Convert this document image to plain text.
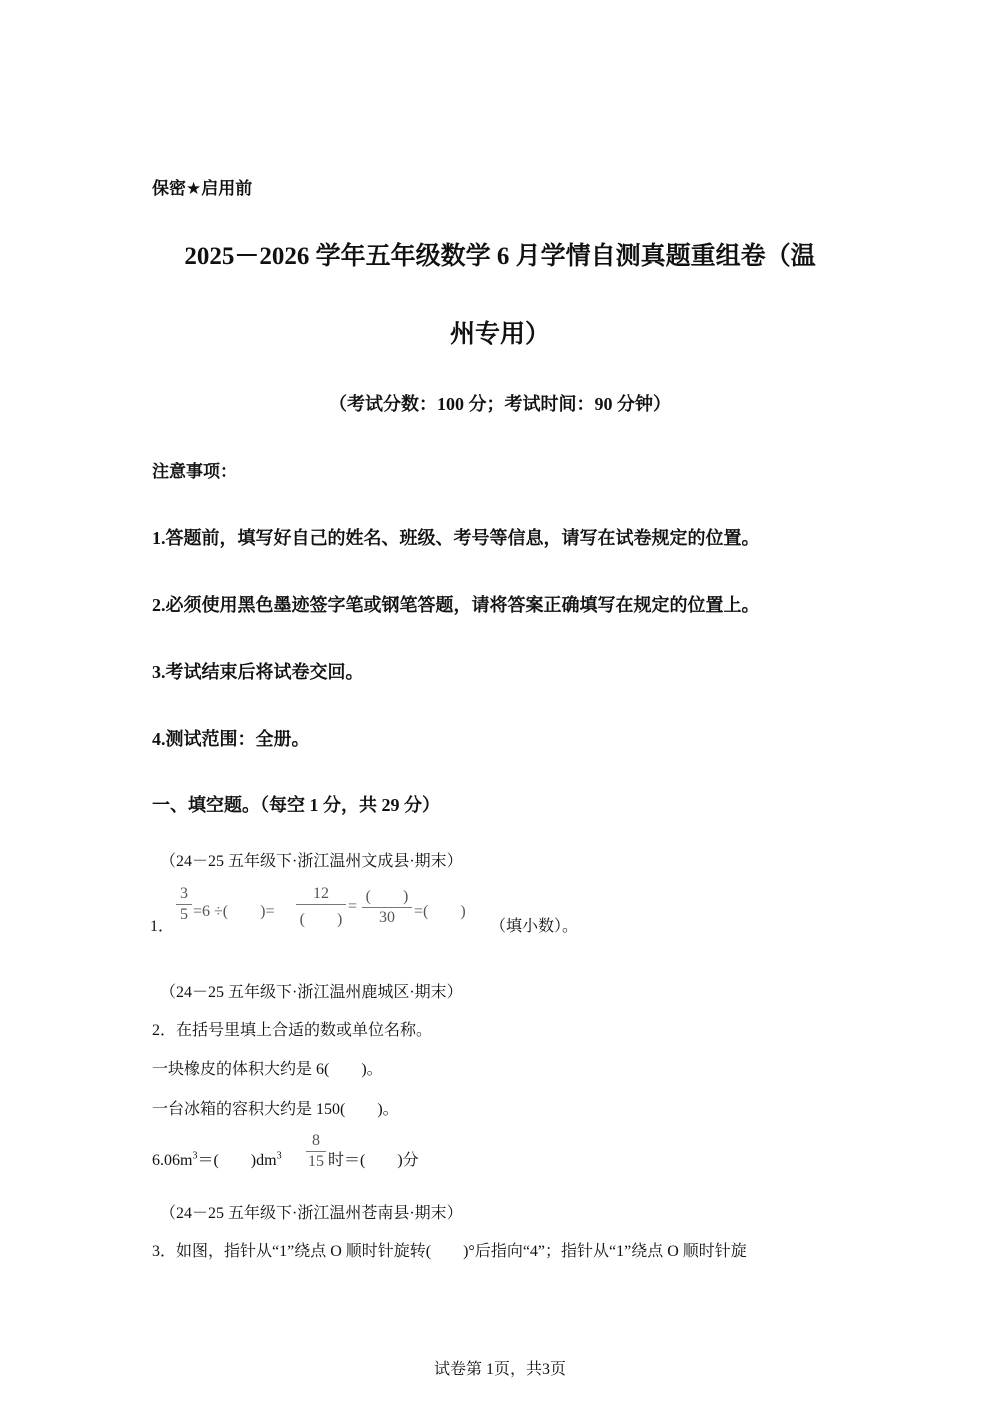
保密★启用前
2025－2026 学年五年级数学 6 月学情自测真题重组卷（温
州专用）
（考试分数：100 分；考试时间：90 分钟）
注意事项：
1.答题前，填写好自己的姓名、班级、考号等信息，请写在试卷规定的位置。
2.必须使用黑色墨迹签字笔或钢笔答题，请将答案正确填写在规定的位置上。
3.考试结束后将试卷交回。
4.测试范围：全册。
一、填空题。（每空 1 分，共 29 分）
（24－25 五年级下·浙江温州文成县·期末）
1．
3
5 =6 ÷(　　)=
12
(　　)
=
(　　)
30	=(　　)
（填小数）。
（24－25 五年级下·浙江温州鹿城区·期末）
2．在括号里填上合适的数或单位名称。
一块橡皮的体积大约是 6(　　)。
一台冰箱的容积大约是 150(　　)。
$6.06m^3=$(　　)$dm^3$
8
15 时＝(　　)分
（24－25 五年级下·浙江温州苍南县·期末）
3．如图，指针从“1”绕点 O 顺时针旋转(　　)°后指向“4”；指针从“1”绕点 O 顺时针旋
试卷第 1页，共3页
